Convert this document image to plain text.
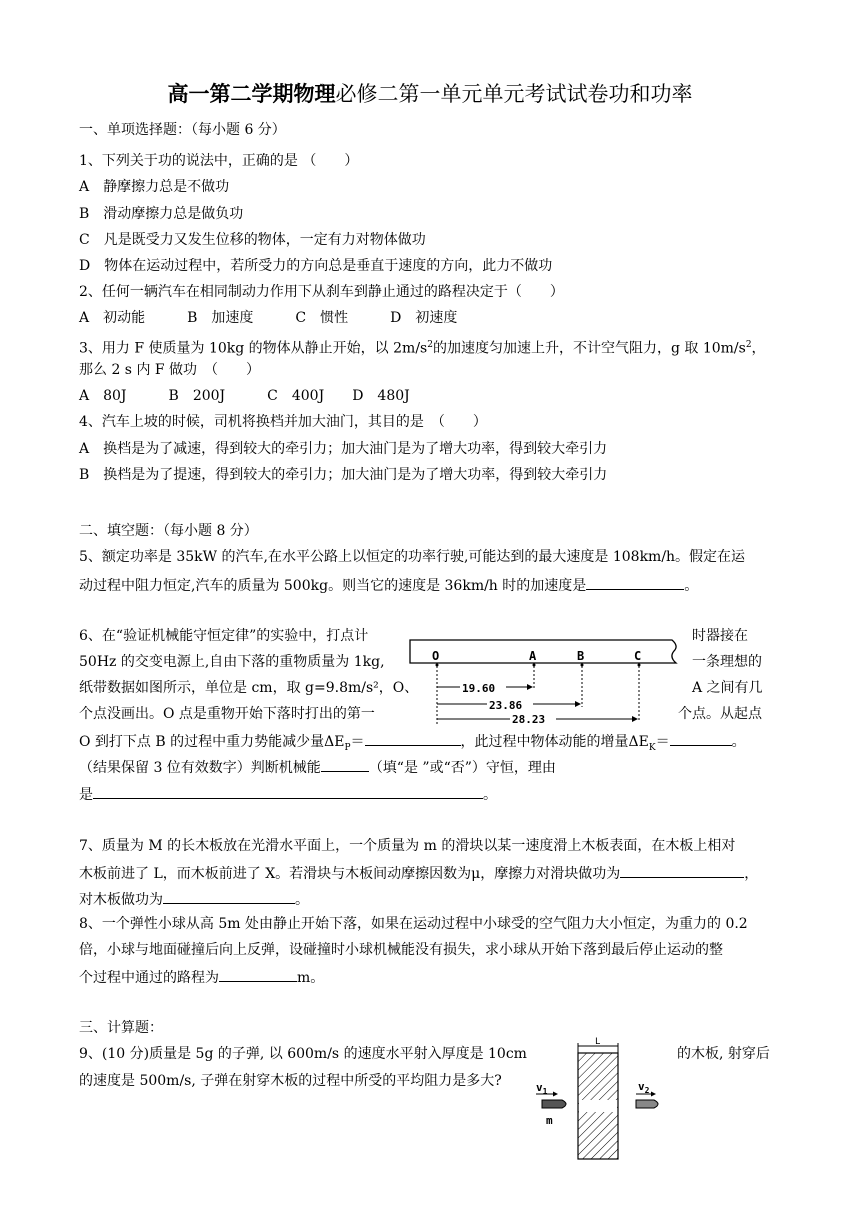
高一第二学期物理必修二第一单元单元考试试卷功和功率
一、单项选择题：（每小题 6 分）
1、下列关于功的说法中，正确的是 （　　）
A　静摩擦力总是不做功
B　滑动摩擦力总是做负功
C　凡是既受力又发生位移的物体，一定有力对物体做功
D　物体在运动过程中，若所受力的方向总是垂直于速度的方向，此力不做功
2、任何一辆汽车在相同制动力作用下从刹车到静止通过的路程决定于（　　）
A　初动能　　　B　加速度　　　C　惯性　　　D　初速度
3、用力 F 使质量为 10kg 的物体从静止开始，以 $2m/s^2$的加速度匀加速上升，不计空气阻力，g 取 $10m/s^2$，
那么 2 s 内 F 做功　（　　）
A　80J　　　B　200J　　　C　400J　　D　480J
4、汽车上坡的时候，司机将换档并加大油门，其目的是　（　　）
A　换档是为了减速，得到较大的牵引力；加大油门是为了增大功率，得到较大牵引力
B　换档是为了提速，得到较大的牵引力；加大油门是为了增大功率，得到较大牵引力
二、填空题：（每小题 8 分）
5、额定功率是 35kW 的汽车,在水平公路上以恒定的功率行驶,可能达到的最大速度是 108km/h。假定在运
动过程中阻力恒定,汽车的质量为 500kg。则当它的速度是 36km/h 时的加速度是	。
6、在“验证机械能守恒定律”的实验中，打点计	时器接在
50Hz 的交变电源上,自由下落的重物质量为 1kg,	一条理想的
纸带数据如图所示，单位是 cm，取 g=9.8m/s²，O、	A 之间有几
个点没画出。O 点是重物开始下落时打出的第一	个点。从起点
O 到打下点 B 的过程中重力势能减少量$\Delta E_P=$	，此过程中物体动能的增量$\Delta E_K=$	。
（结果保留 3 位有效数字）判断机械能	（填“是 ”或“否”）守恒，理由
是	。
O	A	B	C
19.60
23.86
28.23
7、质量为 M 的长木板放在光滑水平面上，一个质量为 m 的滑块以某一速度滑上木板表面，在木板上相对
木板前进了 L，而木板前进了 X。若滑块与木板间动摩擦因数为μ，摩擦力对滑块做功为	，
对木板做功为	。
8、一个弹性小球从高 5m 处由静止开始下落，如果在运动过程中小球受的空气阻力大小恒定，为重力的 0.2
倍，小球与地面碰撞后向上反弹，设碰撞时小球机械能没有损失，求小球从开始下落到最后停止运动的整
个过程中通过的路程为	m。
三、计算题：
9、(10 分)质量是 5g 的子弹, 以 600m/s 的速度水平射入厚度是 10cm	的木板, 射穿后
的速度是 500m/s, 子弹在射穿木板的过程中所受的平均阻力是多大?
L
$v_1$
m
$v_2$
